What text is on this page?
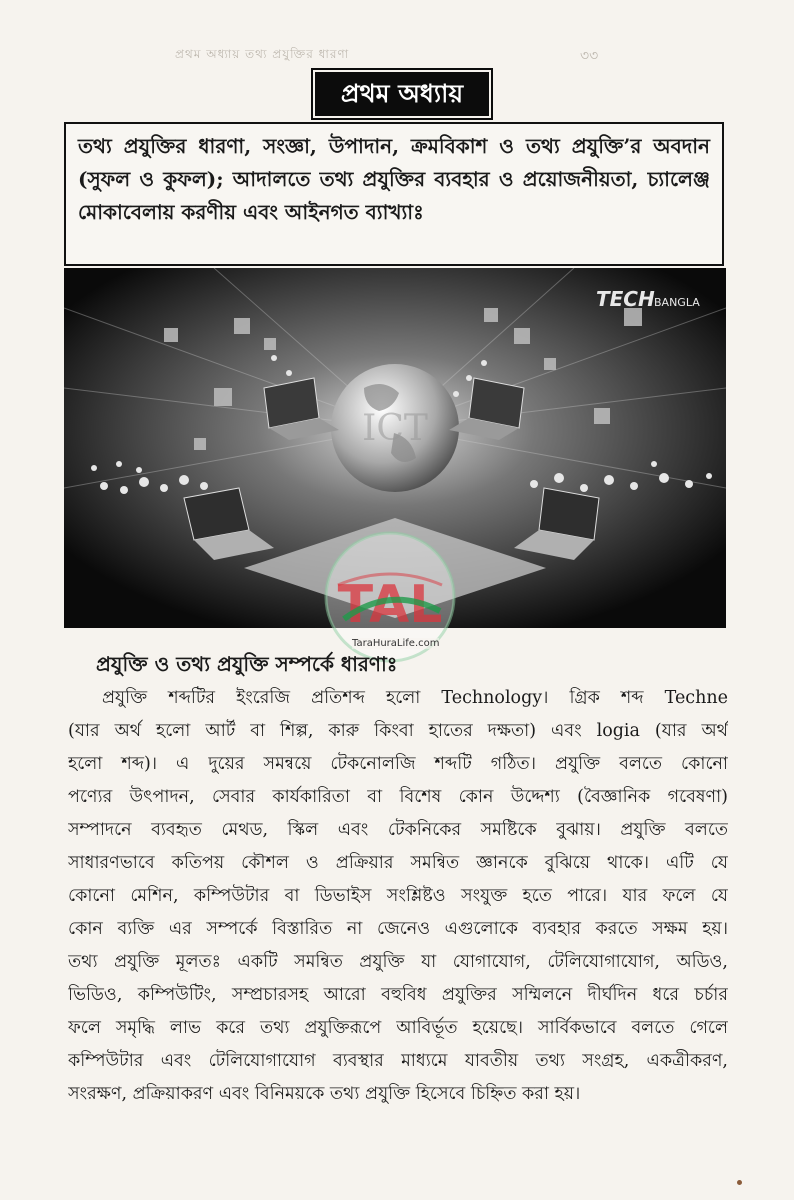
প্রথম অধ্যায় তথ্য প্রযুক্তির ধারণা	৩৩
প্রথম অধ্যায়
তথ্য প্রযুক্তির ধারণা, সংজ্ঞা, উপাদান, ক্রমবিকাশ ও তথ্য প্রযুক্তি’র অবদান (সুফল ও কুফল); আদালতে তথ্য প্রযুক্তির ব্যবহার ও প্রয়োজনীয়তা, চ্যালেঞ্জ মোকাবেলায় করণীয় এবং আইনগত ব্যাখ্যাঃ
ICT
TECH BANGLA
TAL
TaraHuraLife.com
প্রযুক্তি ও তথ্য প্রযুক্তি সম্পর্কে ধারণাঃ
প্রযুক্তি শব্দটির ইংরেজি প্রতিশব্দ হলো Technology। গ্রিক শব্দ Techne
(যার অর্থ হলো আর্ট বা শিল্প, কারু কিংবা হাতের দক্ষতা) এবং logia (যার অর্থ
হলো শব্দ)। এ দুয়ের সমন্বয়ে টেকনোলজি শব্দটি গঠিত। প্রযুক্তি বলতে কোনো
পণ্যের উৎপাদন, সেবার কার্যকারিতা বা বিশেষ কোন উদ্দেশ্য (বৈজ্ঞানিক গবেষণা)
সম্পাদনে ব্যবহৃত মেথড, স্কিল এবং টেকনিকের সমষ্টিকে বুঝায়। প্রযুক্তি বলতে
সাধারণভাবে কতিপয় কৌশল ও প্রক্রিয়ার সমন্বিত জ্ঞানকে বুঝিয়ে থাকে। এটি যে
কোনো মেশিন, কম্পিউটার বা ডিভাইস সংশ্লিষ্টও সংযুক্ত হতে পারে। যার ফলে যে
কোন ব্যক্তি এর সম্পর্কে বিস্তারিত না জেনেও এগুলোকে ব্যবহার করতে সক্ষম হয়।
তথ্য প্রযুক্তি মূলতঃ একটি সমন্বিত প্রযুক্তি যা যোগাযোগ, টেলিযোগাযোগ, অডিও,
ভিডিও, কম্পিউটিং, সম্প্রচারসহ আরো বহুবিধ প্রযুক্তির সম্মিলনে দীর্ঘদিন ধরে চর্চার
ফলে সমৃদ্ধি লাভ করে তথ্য প্রযুক্তিরূপে আবির্ভূত হয়েছে। সার্বিকভাবে বলতে গেলে
কম্পিউটার এবং টেলিযোগাযোগ ব্যবস্থার মাধ্যমে যাবতীয় তথ্য সংগ্রহ, একত্রীকরণ,
সংরক্ষণ, প্রক্রিয়াকরণ এবং বিনিময়কে তথ্য প্রযুক্তি হিসেবে চিহ্নিত করা হয়।
